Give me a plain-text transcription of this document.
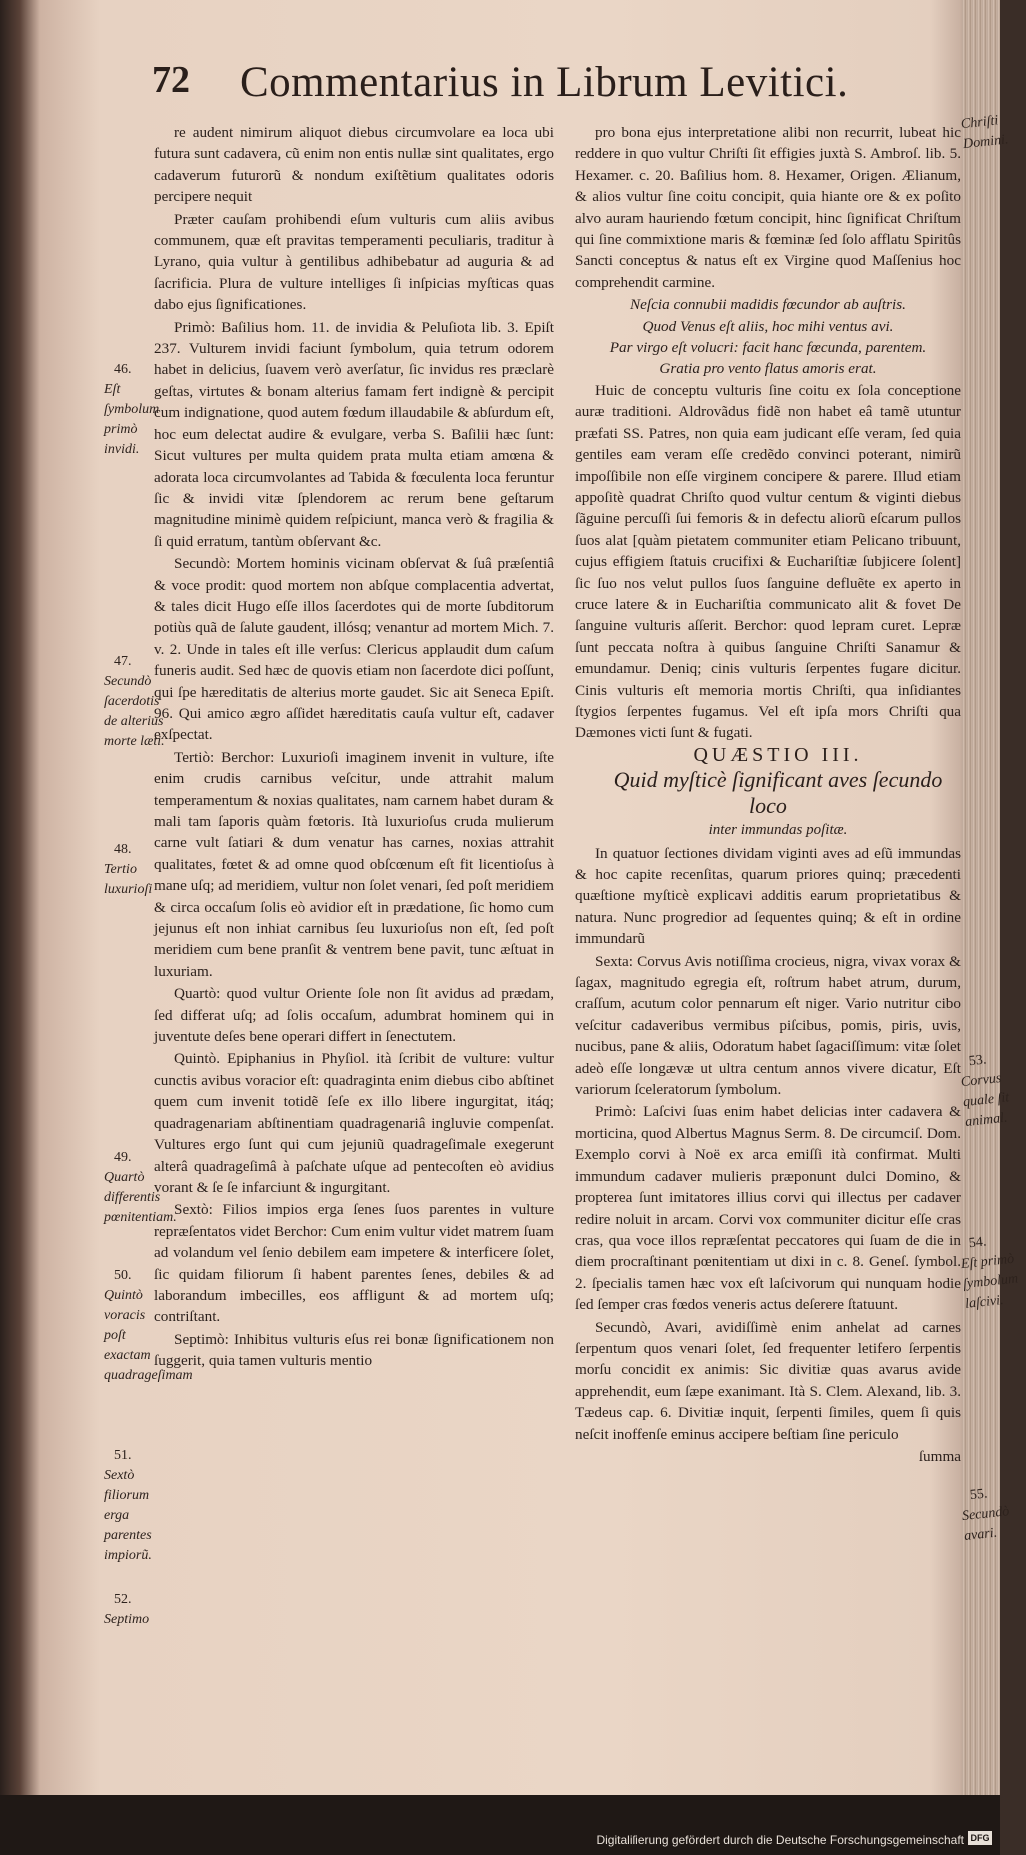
72 Commentarius in Librum Levitici.

re audent nimirum aliquot diebus circumvolare ea loca ubi futura sunt cadavera, cũ enim non entis nullæ sint qualitates, ergo cadaverum futurorũ & nondum exiſtẽtium qualitates odoris percipere nequit

Præter cauſam prohibendi eſum vulturis cum aliis avibus communem, quæ eſt pravitas temperamenti peculiaris, traditur à Lyrano, quia vultur à gentilibus adhibebatur ad auguria & ad ſacrificia. Plura de vulture intelliges ſi inſpicias myſticas quas dabo ejus ſignificationes.

Primò: Baſilius hom. 11. de invidia & Peluſiota lib. 3. Epiſt 237. Vulturem invidi faciunt ſymbolum, quia tetrum odorem habet in delicius, ſuavem verò averſatur, ſic invidus res præclarè geſtas, virtutes & bonam alterius famam fert indignè & percipit cum indignatione, quod autem fœdum illaudabile & abſurdum eſt, hoc eum delectat audire & evulgare, verba S. Baſilii hæc ſunt: Sicut vultures per multa quidem prata multa etiam amœna & adorata loca circumvolantes ad Tabida & fœculenta loca feruntur ſic & invidi vitæ ſplendorem ac rerum bene geſtarum magnitudine minimè quidem reſpiciunt, manca verò & fragilia & ſi quid erratum, tantùm obſervant &c.

Secundò: Mortem hominis vicinam obſervat & ſuâ præſentiâ & voce prodit: quod mortem non abſque complacentia advertat, & tales dicit Hugo eſſe illos ſacerdotes qui de morte ſubditorum potiùs quã de ſalute gaudent, illósq; venantur ad mortem Mich. 7. v. 2. Unde in tales eſt ille verſus: Clericus applaudit dum caſum funeris audit. Sed hæc de quovis etiam non ſacerdote dici poſſunt, qui ſpe hæreditatis de alterius morte gaudet. Sic ait Seneca Epiſt. 96. Qui amico ægro aſſidet hæreditatis cauſa vultur eſt, cadaver exſpectat.

Tertiò: Berchor: Luxurioſi imaginem invenit in vulture, iſte enim crudis carnibus veſcitur, unde attrahit malum temperamentum & noxias qualitates, nam carnem habet duram & mali tam ſaporis quàm fœtoris. Ità luxurioſus cruda mulierum carne vult ſatiari & dum venatur has carnes, noxias attrahit qualitates, fœtet & ad omne quod obſcœnum eſt fit licentioſus à mane uſq; ad meridiem, vultur non ſolet venari, ſed poſt meridiem & circa occaſum ſolis eò avidior eſt in prædatione, ſic homo cum jejunus eſt non inhiat carnibus ſeu luxurioſus non eſt, ſed poſt meridiem cum bene pranſit & ventrem bene pavit, tunc æſtuat in luxuriam.

Quartò: quod vultur Oriente ſole non ſit avidus ad prædam, ſed differat uſq; ad ſolis occaſum, adumbrat hominem qui in juventute deſes bene operari differt in ſenectutem.

Quintò. Epiphanius in Phyſiol. ità ſcribit de vulture: vultur cunctis avibus voracior eſt: quadraginta enim diebus cibo abſtinet quem cum invenit totidẽ ſeſe ex illo libere ingurgitat, itáq; quadragenariam abſtinentiam quadragenariâ ingluvie compenſat. Vultures ergo ſunt qui cum jejuniũ quadrageſimale exegerunt alterâ quadrageſimâ à paſchate uſque ad pentecoſten eò avidius vorant & ſe ſe infarciunt & ingurgitant.

Sextò: Filios impios erga ſenes ſuos parentes in vulture repræſentatos videt Berchor: Cum enim vultur videt matrem ſuam ad volandum vel ſenio debilem eam impetere & interficere ſolet, ſic quidam filiorum ſi habent parentes ſenes, debiles & ad laborandum imbecilles, eos affligunt & ad mortem uſq; contriſtant.

Septimò: Inhibitus vulturis eſus rei bonæ ſignificationem non ſuggerit, quia tamen vulturis mentio

pro bona ejus interpretatione alibi non recurrit, lubeat hic reddere in quo vultur Chriſti ſit effigies juxtà S. Ambroſ. lib. 5. Hexamer. c. 20. Baſilius hom. 8. Hexamer, Origen. Ælianum, & alios vultur ſine coitu concipit, quia hiante ore & ex poſito alvo auram hauriendo fœtum concipit, hinc ſignificat Chriſtum qui ſine commixtione maris & fœminæ ſed ſolo afflatu Spiritûs Sancti conceptus & natus eſt ex Virgine quod Maſſenius hoc comprehendit carmine.

Neſcia connubii madidis fœcundor ab auſtris.

Quod Venus eſt aliis, hoc mihi ventus avi.

Par virgo eſt volucri: facit hanc fœcunda, parentem.

Gratia pro vento flatus amoris erat.

Huic de conceptu vulturis ſine coitu ex ſola conceptione auræ traditioni. Aldrovãdus fidẽ non habet eâ tamẽ utuntur præfati SS. Patres, non quia eam judicant eſſe veram, ſed quia gentiles eam veram eſſe credẽdo convinci poterant, nimirũ impoſſibile non eſſe virginem concipere & parere. Illud etiam appoſitè quadrat Chriſto quod vultur centum & viginti diebus ſãguine percuſſi ſui femoris & in defectu aliorũ eſcarum pullos ſuos alat [quàm pietatem communiter etiam Pelicano tribuunt, cujus effigiem ſtatuis crucifixi & Euchariſtiæ ſubjicere ſolent] ſic ſuo nos velut pullos ſuos ſanguine defluẽte ex aperto in cruce latere & in Euchariſtia communicato alit & fovet De ſanguine vulturis aſſerit. Berchor: quod lepram curet. Lepræ ſunt peccata noſtra à quibus ſanguine Chriſti Sanamur & emundamur. Deniq; cinis vulturis ſerpentes fugare dicitur. Cinis vulturis eſt memoria mortis Chriſti, qua inſidiantes ſtygios ſerpentes fugamus. Vel eſt ipſa mors Chriſti qua Dæmones victi ſunt & fugati.

QUÆSTIO III.

Quid myſticè ſignificant aves ſecundo loco

inter immundas poſitæ.

In quatuor ſectiones dividam viginti aves ad eſũ immundas & hoc capite recenſitas, quarum priores quinq; præcedenti quæſtione myſticè explicavi additis earum proprietatibus & natura. Nunc progredior ad ſequentes quinq; & eſt in ordine immundarũ

Sexta: Corvus Avis notiſſima crocieus, nigra, vivax vorax & ſagax, magnitudo egregia eſt, roſtrum habet atrum, durum, craſſum, acutum color pennarum eſt niger. Vario nutritur cibo veſcitur cadaveribus vermibus piſcibus, pomis, piris, uvis, nucibus, pane & aliis, Odoratum habet ſagaciſſimum: vitæ ſolet adeò eſſe longævæ ut ultra centum annos vivere dicatur, Eſt variorum ſceleratorum ſymbolum.

Primò: Laſcivi ſuas enim habet delicias inter cadavera & morticina, quod Albertus Magnus Serm. 8. De circumciſ. Dom. Exemplo corvi à Noë ex arca emiſſi ità confirmat. Multi immundum cadaver mulieris præponunt dulci Domino, & propterea ſunt imitatores illius corvi qui illectus per cadaver redire noluit in arcam. Corvi vox communiter dicitur eſſe cras cras, qua voce illos repræſentat peccatores qui ſuam de die in diem procraſtinant pœnitentiam ut dixi in c. 8. Geneſ. ſymbol. 2. ſpecialis tamen hæc vox eſt laſcivorum qui nunquam hodie ſed ſemper cras fœdos veneris actus deſerere ſtatuunt.

Secundò, Avari, avidiſſimè enim anhelat ad carnes ſerpentum quos venari ſolet, ſed frequenter letifero ſerpentis morſu concidit ex animis: Sic divitiæ quas avarus avide apprehendit, eum ſæpe exanimant. Ità S. Clem. Alexand, lib. 3. Tædeus cap. 6. Divitiæ inquit, ſerpenti ſimiles, quem ſi quis neſcit inoffenſe eminus accipere beſtiam ſine periculo

ſumma

46.
Eſt ſymbolum primò invidi.
47.
Secundò ſacerdotis de alterius morte læti.
48.
Tertio luxurioſi
49.
Quartò differentis pœnitentiam.
50.
Quintò voracis poſt exactam quadrageſimam
51.
Sextò filiorum erga parentes impiorũ.
52.
Septimo
Chriſti Domini.
53.
Corvus quale ſit animal.
54.
Eſt primò ſymbolum laſcivi.
55.
Secundò avari.
Digitaliſierung gefördert durch die Deutsche Forschungsgemeinschaft DFG
